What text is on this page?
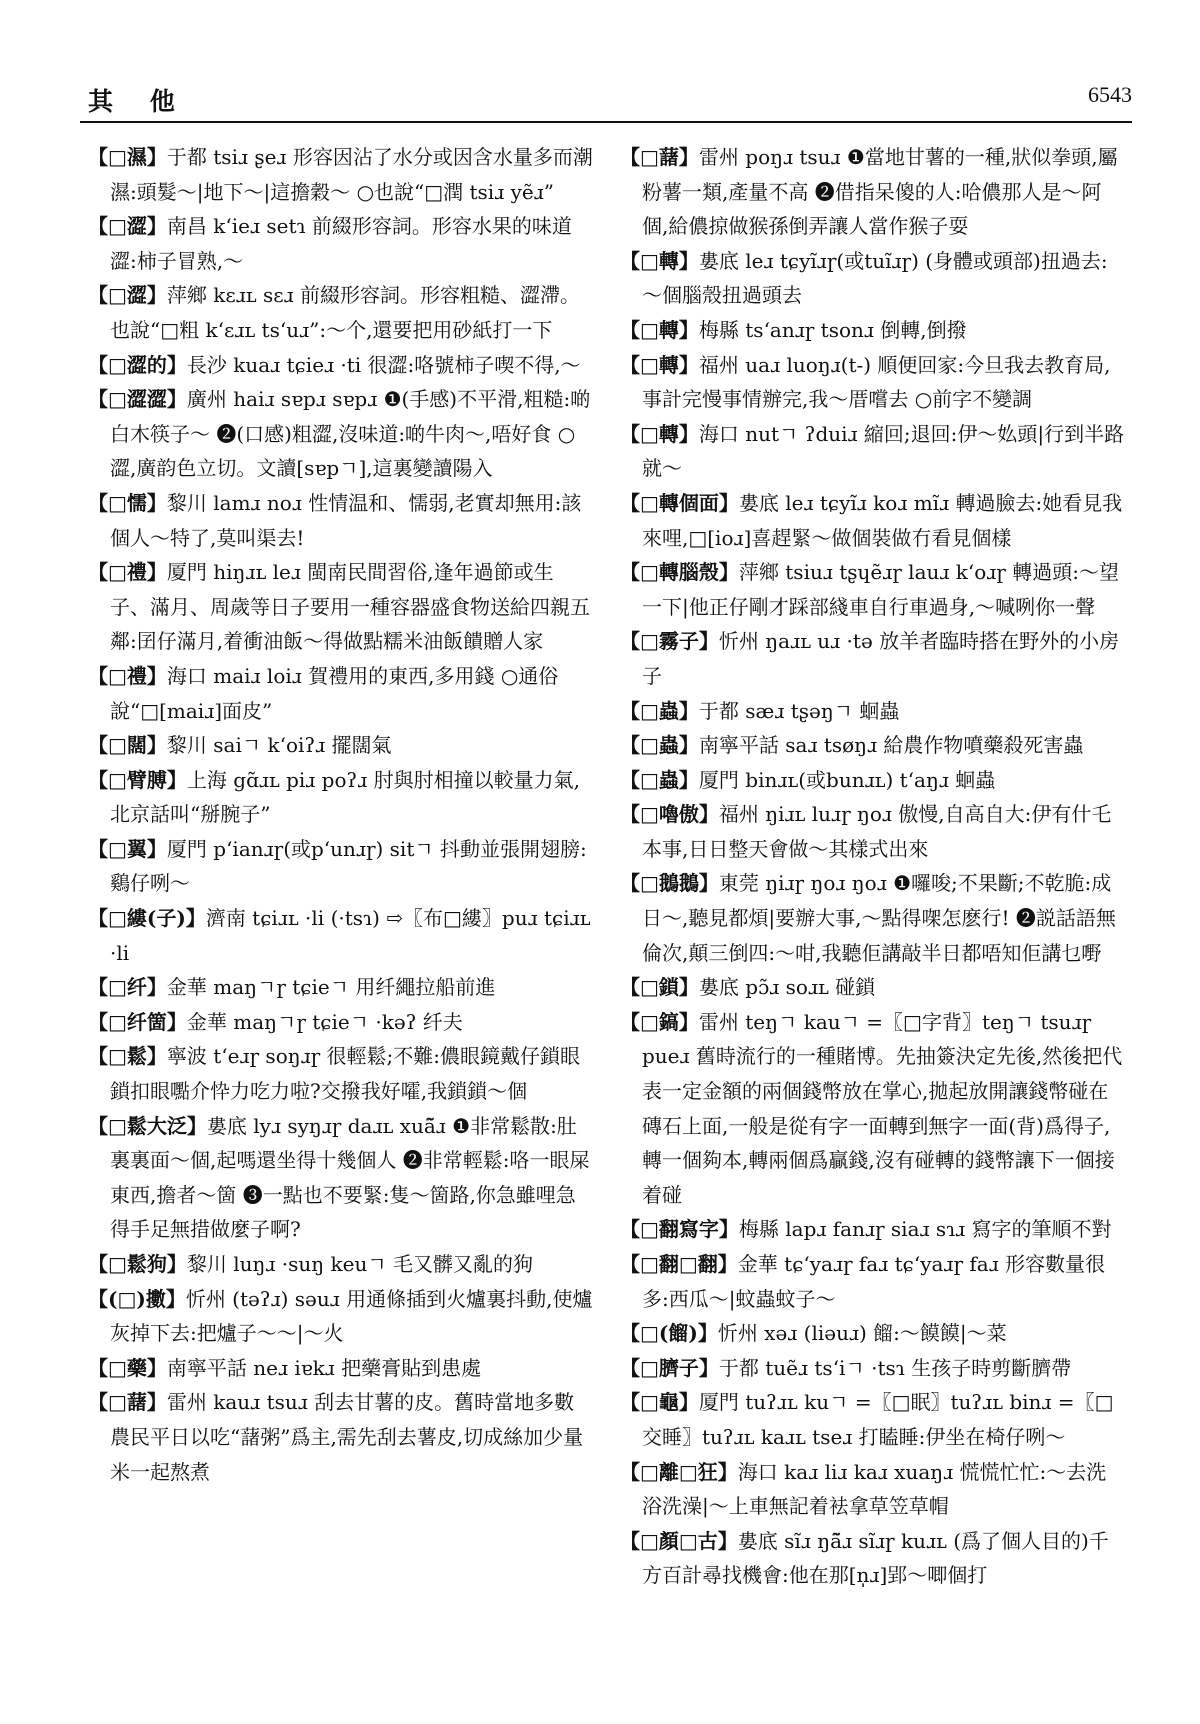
其 他	6543

【□濕】于都 tsiɹ ʂeɹ 形容因沾了水分或因含水量多而潮濕:頭髮～|地下～|這擔穀～ ○也說“□潤 tsiɹ yẽɹ”

【□澀】南昌 kʻieɹ setɿ 前綴形容詞。形容水果的味道澀:柿子冒熟,～

【□澀】萍鄉 kɛɹʟ sɛɹ 前綴形容詞。形容粗糙、澀滯。也說“□粗 kʻɛɹʟ tsʻuɹ”:～个,還要把用砂紙打一下

【□澀的】長沙 kuaɹ tɕieɹ ·ti 很澀:咯號柿子喫不得,～

【□澀澀】廣州 haiɹ sɐpɹ sɐpɹ ❶(手感)不平滑,粗糙:啲白木筷子～ ❷(口感)粗澀,沒味道:啲牛肉～,唔好食 ○澀,廣韵色立切。文讀[sɐpㄱ],這裏變讀陽入

【□懦】黎川 lamɹ noɹ 性情温和、懦弱,老實却無用:該個人～特了,莫叫渠去!

【□禮】厦門 hiŋɹʟ leɹ 閩南民間習俗,逢年過節或生子、滿月、周歲等日子要用一種容器盛食物送給四親五鄰:囝仔滿月,着衝油飯～得做點糯米油飯饋贈人家

【□禮】海口 maiɹ loiɹ 賀禮用的東西,多用錢 ○通俗說“□[maiɹ]面皮”

【□闊】黎川 saiㄱ kʻoiʔɹ 擺闊氣

【□臂膊】上海 gɑ̃ɹʟ piɹ poʔɹ 肘與肘相撞以較量力氣,北京話叫“掰腕子”

【□翼】厦門 pʻianɹɼ(或pʻunɹɼ) sitㄱ 抖動並張開翅膀:鷄仔咧～

【□縷(子)】濟南 tɕiɹʟ ·li (·tsɿ) ⇨〖布□縷〗puɹ tɕiɹʟ ·li

【□纤】金華 maŋㄱɼ tɕieㄱ 用纤繩拉船前進

【□纤箇】金華 maŋㄱɼ tɕieㄱ ·kəʔ 纤夫

【□鬆】寧波 tʻeɹɼ soŋɹɼ 很輕鬆;不難:儂眼鏡戴仔鎖眼鎖扣眼嚸介忰力吃力啦?交撥我好嚯,我鎖鎖～個

【□鬆大泛】婁底 lyɹ syŋɹɼ daɹʟ xuã̃ɹ ❶非常鬆散:肚裏裏面～個,起嗎還坐得十幾個人 ❷非常輕鬆:咯一眼屎東西,擔者～箇 ❸一點也不要緊:隻～箇路,你急雖哩急得手足無措做麼子啊?

【□鬆狗】黎川 luŋɹ ·suŋ keuㄱ 毛又髒又亂的狗

【(□)擻】忻州 (təʔɹ) səuɹ 用通條插到火爐裏抖動,使爐灰掉下去:把爐子～～|～火

【□藥】南寧平話 neɹ iɐkɹ 把藥膏貼到患處

【□藷】雷州 kauɹ tsuɹ 刮去甘薯的皮。舊時當地多數農民平日以吃“藷粥”爲主,需先刮去薯皮,切成絲加少量米一起熬煮

【□藷】雷州 poŋɹ tsuɹ ❶當地甘薯的一種,狀似拳頭,屬粉薯一類,產量不高 ❷借指呆傻的人:哈儂那人是～阿個,給儂掠做猴孫倒弄讓人當作猴子耍

【□轉】婁底 leɹ tɕyĩɹɼ(或tuĩɹɼ) (身體或頭部)扭過去:～個腦殼扭過頭去

【□轉】梅縣 tsʻanɹɼ tsonɹ 倒轉,倒撥

【□轉】福州 uaɹ luoŋɹ(t-) 順便回家:今旦我去教育局,事計完慢事情辦完,我～厝嚐去 ○前字不變調

【□轉】海口 nutㄱ ʔduiɹ 縮回;退回:伊～𡚸頭|行到半路就～

【□轉個面】婁底 leɹ tɕyĩɹ koɹ mĩɹ 轉過臉去:她看見我來哩,□[ioɹ]喜趕緊～做個裝做冇看見個樣

【□轉腦殼】萍鄉 tsiuɹ tʂɥẽɹɼ lauɹ kʻoɹɼ 轉過頭:～望一下|他正仔剛才踩部綫車自行車過身,～喊咧你一聲

【□霧子】忻州 ŋaɹʟ uɹ ·tə 放羊者臨時搭在野外的小房子

【□蟲】于都 sæɹ tʂəŋㄱ 蛔蟲

【□蟲】南寧平話 saɹ tsøŋɹ 給農作物噴藥殺死害蟲

【□蟲】厦門 binɹʟ(或bunɹʟ) tʻaŋɹ 蛔蟲

【□嚕傲】福州 ŋiɹʟ luɹɼ ŋoɹ 傲慢,自高自大:伊有什乇本事,日日整天會做～其樣式出來

【□鵝鵝】東莞 ŋiɹɼ ŋoɹ ŋoɹ ❶囉唆;不果斷;不乾脆:成日～,聽見都煩|要辦大事,～點得㗎怎麽行! ❷説話語無倫次,顛三倒四:～咁,我聽佢講敲半日都唔知佢講乜嘢

【□鎖】婁底 pɔ̃ɹ soɹʟ 碰鎖

【□鎬】雷州 teŋㄱ kauㄱ =〖□字背〗teŋㄱ tsuɹɼ pueɹ 舊時流行的一種賭博。先抽簽決定先後,然後把代表一定金額的兩個錢幣放在掌心,拋起放開讓錢幣碰在磚石上面,一般是從有字一面轉到無字一面(背)爲得子,轉一個夠本,轉兩個爲贏錢,沒有碰轉的錢幣讓下一個接着碰

【□翻寫字】梅縣 lapɹ fanɹɼ siaɹ sɿɹ 寫字的筆順不對

【□翻□翻】金華 tɕʻyaɹɼ faɹ tɕʻyaɹɼ faɹ 形容數量很多:西瓜～|蚊蟲蚊子～

【□(餾)】忻州 xəɹ (liəuɹ) 餾:～饃饃|～菜

【□臍子】于都 tuẽɹ tsʻiㄱ ·tsɿ 生孩子時剪斷臍帶

【□龜】厦門 tuʔɹʟ kuㄱ =〖□眠〗tuʔɹʟ binɹ =〖□交睡〗tuʔɹʟ kaɹʟ tseɹ 打瞌睡:伊坐在椅仔咧～

【□離□狂】海口 kaɹ liɹ kaɹ xuaŋɹ 慌慌忙忙:～去洗浴洗澡|～上車無記着袪拿草笠草帽

【□顏□古】婁底 sĩɹ ŋã̃ɹ sĩɹɼ kuɹʟ (爲了個人目的)千方百計尋找機會:他在那[n̩ɹ]郢～唧個打
